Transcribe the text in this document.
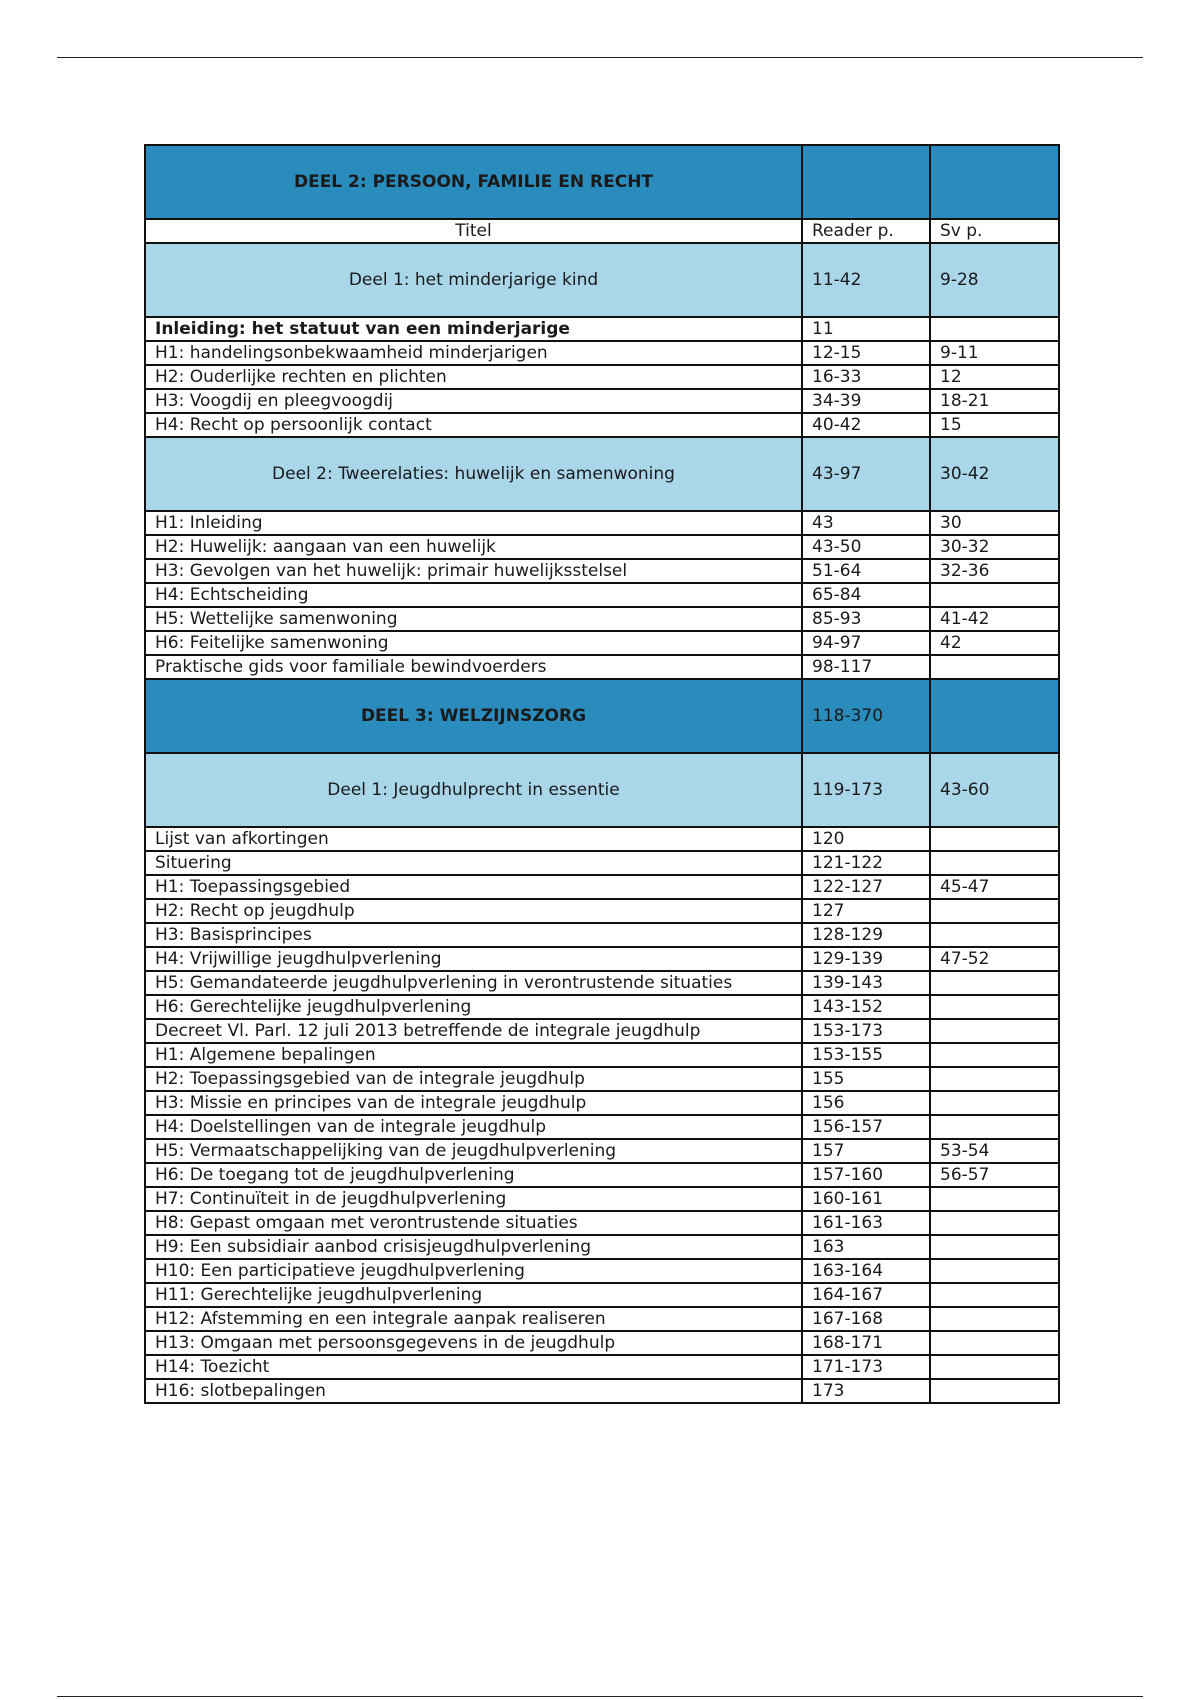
DEEL 2: PERSOON, FAMILIE EN RECHT		
Titel	Reader p.	Sv p.
Deel 1: het minderjarige kind	11-42	9-28
Inleiding: het statuut van een minderjarige	11	
H1: handelingsonbekwaamheid minderjarigen	12-15	9-11
H2: Ouderlijke rechten en plichten	16-33	12
H3: Voogdij en pleegvoogdij	34-39	18-21
H4: Recht op persoonlijk contact	40-42	15
Deel 2: Tweerelaties: huwelijk en samenwoning	43-97	30-42
H1: Inleiding	43	30
H2: Huwelijk: aangaan van een huwelijk	43-50	30-32
H3: Gevolgen van het huwelijk: primair huwelijksstelsel	51-64	32-36
H4: Echtscheiding	65-84	
H5: Wettelijke samenwoning	85-93	41-42
H6: Feitelijke samenwoning	94-97	42
Praktische gids voor familiale bewindvoerders	98-117	
DEEL 3: WELZIJNSZORG	118-370	
Deel 1: Jeugdhulprecht in essentie	119-173	43-60
Lijst van afkortingen	120	
Situering	121-122	
H1: Toepassingsgebied	122-127	45-47
H2: Recht op jeugdhulp	127	
H3: Basisprincipes	128-129	
H4: Vrijwillige jeugdhulpverlening	129-139	47-52
H5: Gemandateerde jeugdhulpverlening in verontrustende situaties	139-143	
H6: Gerechtelijke jeugdhulpverlening	143-152	
Decreet Vl. Parl. 12 juli 2013 betreffende de integrale jeugdhulp	153-173	
H1: Algemene bepalingen	153-155	
H2: Toepassingsgebied van de integrale jeugdhulp	155	
H3: Missie en principes van de integrale jeugdhulp	156	
H4: Doelstellingen van de integrale jeugdhulp	156-157	
H5: Vermaatschappelijking van de jeugdhulpverlening	157	53-54
H6: De toegang tot de jeugdhulpverlening	157-160	56-57
H7: Continuïteit in de jeugdhulpverlening	160-161	
H8: Gepast omgaan met verontrustende situaties	161-163	
H9: Een subsidiair aanbod crisisjeugdhulpverlening	163	
H10: Een participatieve jeugdhulpverlening	163-164	
H11: Gerechtelijke jeugdhulpverlening	164-167	
H12: Afstemming en een integrale aanpak realiseren	167-168	
H13: Omgaan met persoonsgegevens in de jeugdhulp	168-171	
H14: Toezicht	171-173	
H16: slotbepalingen	173	
